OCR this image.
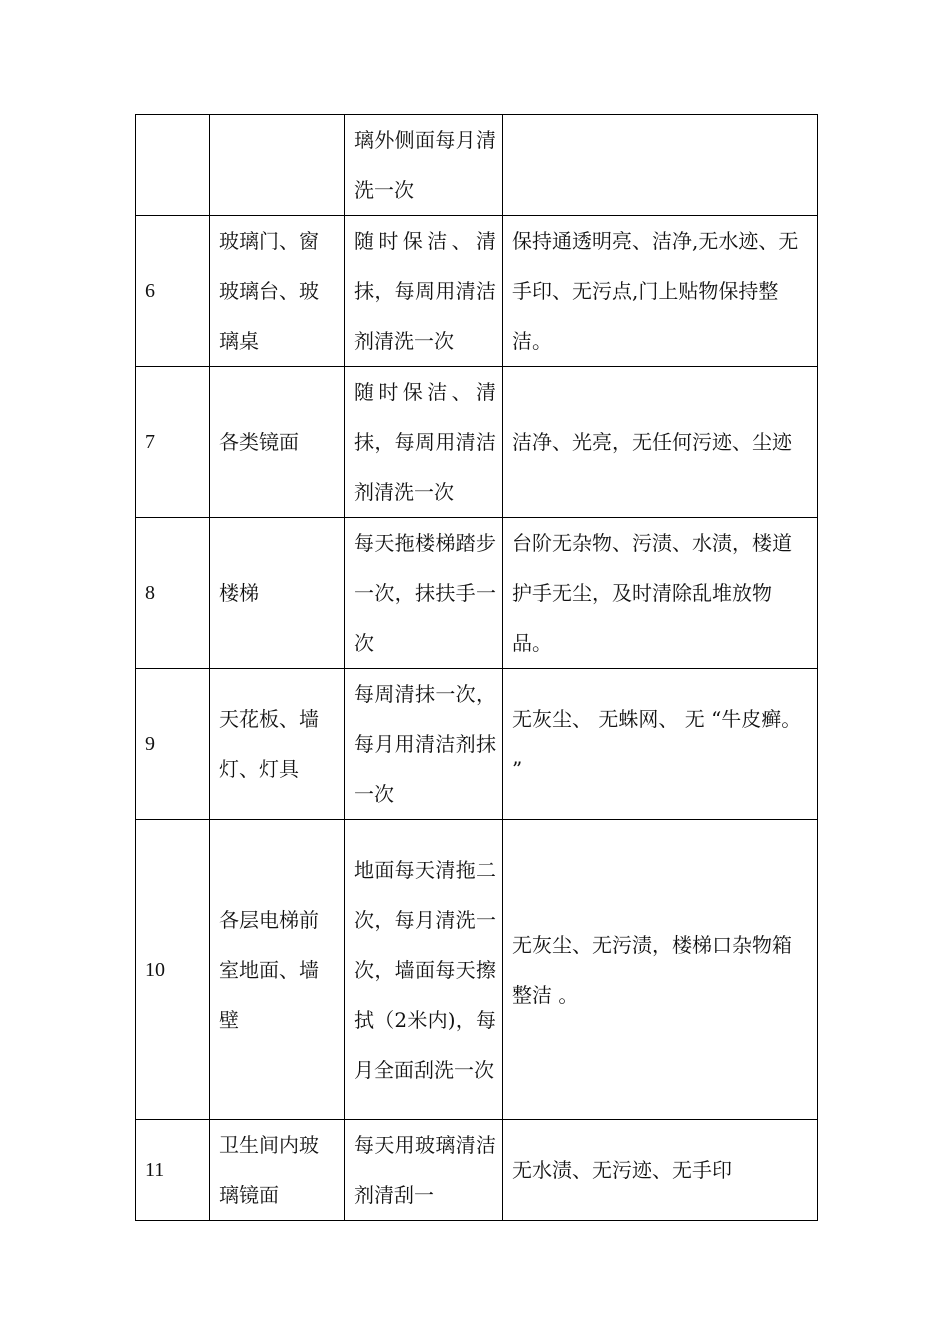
		璃外侧面每月清洗一次	
6	玻璃门、窗玻璃台、玻璃桌	随时保洁、清抹，每周用清洁剂清洗一次	保持通透明亮、洁净,无水迹、无手印、无污点,门上贴物保持整洁。
7	各类镜面	随时保洁、清抹，每周用清洁剂清洗一次	洁净、光亮，无任何污迹、尘迹
8	楼梯	每天拖楼梯踏步一次，抹扶手一次	台阶无杂物、污渍、水渍，楼道护手无尘，及时清除乱堆放物品。
9	天花板、墙灯、灯具	每周清抹一次，每月用清洁剂抹一次	无灰尘、 无蛛网、 无 “牛皮癣。 ”
10	各层电梯前室地面、墙壁	地面每天清拖二次，每月清洗一次，墙面每天擦拭（2米内)，每月全面刮洗一次	无灰尘、无污渍，楼梯口杂物箱整洁 。
11	卫生间内玻璃镜面	每天用玻璃清洁剂清刮一	无水渍、无污迹、无手印
